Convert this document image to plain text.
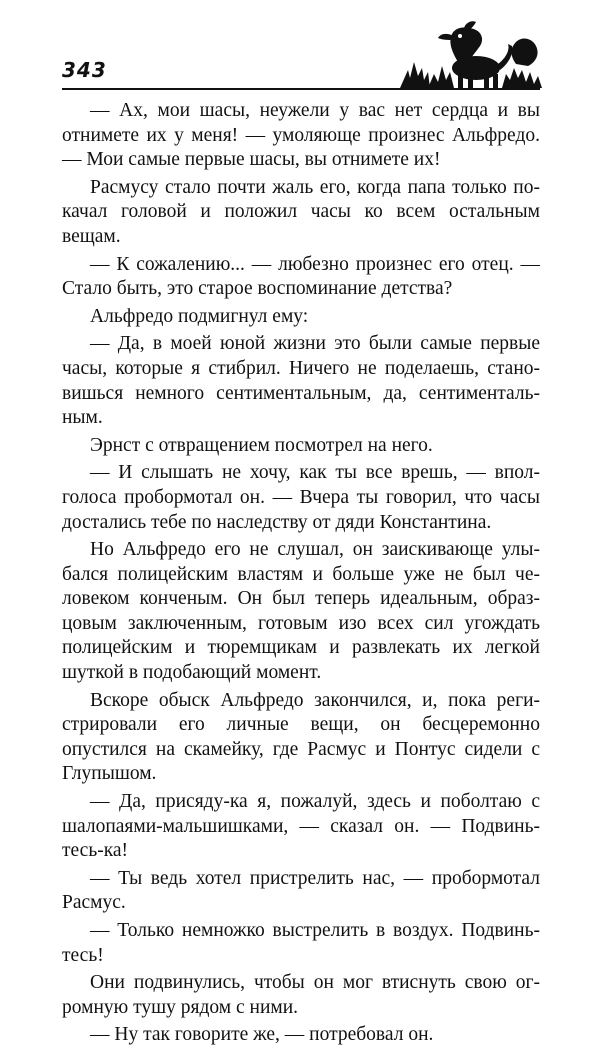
343

— Ах, мои шасы, неужели у вас нет сердца и вы отнимете их у меня! — умоляюще произнес Альфредо. — Мои самые первые шасы, вы отнимете их!

Расмусу стало почти жаль его, когда папа только покачал головой и положил часы ко всем остальным вещам.

— К сожалению... — любезно произнес его отец. — Стало быть, это старое воспоминание детства?

Альфредо подмигнул ему:

— Да, в моей юной жизни это были самые первые часы, которые я стибрил. Ничего не поделаешь, становишься немного сентиментальным, да, сентиментальным.

Эрнст с отвращением посмотрел на него.

— И слышать не хочу, как ты все врешь, — вполголоса пробормотал он. — Вчера ты говорил, что часы достались тебе по наследству от дяди Константина.

Но Альфредо его не слушал, он заискивающе улыбался полицейским властям и больше уже не был человеком конченым. Он был теперь идеальным, образцовым заключенным, готовым изо всех сил угождать полицейским и тюремщикам и развлекать их легкой шуткой в подобающий момент.

Вскоре обыск Альфредо закончился, и, пока регистрировали его личные вещи, он бесцеремонно опустился на скамейку, где Расмус и Понтус сидели с Глупышом.

— Да, присяду-ка я, пожалуй, здесь и поболтаю с шалопаями-мальшишками, — сказал он. — Подвиньтесь-ка!

— Ты ведь хотел пристрелить нас, — пробормотал Расмус.

— Только немножко выстрелить в воздух. Подвиньтесь!

Они подвинулись, чтобы он мог втиснуть свою огромную тушу рядом с ними.

— Ну так говорите же, — потребовал он.
